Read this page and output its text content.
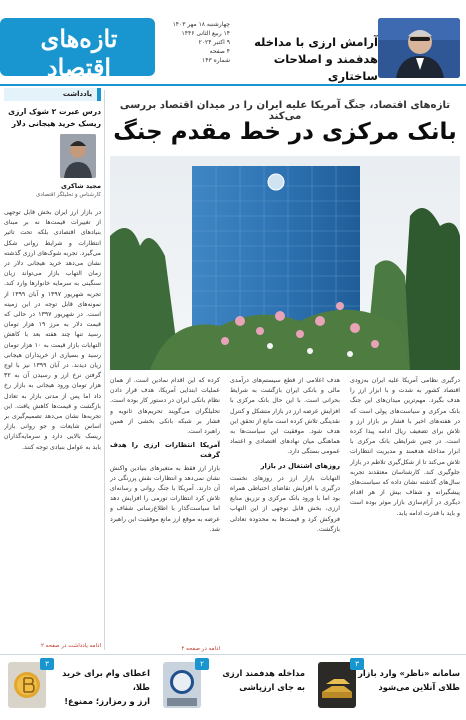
تازه‌های اقتصاد
چهارشنبه ۱۸ مهر ۱۴۰۳
۱۴ ربیع الثانی ۱۴۴۶
۹ اکتبر ۲۰۲۴
۴ صفحه
شماره ۱۴۳
آرامش ارزی با مداخله
هدفمند و اصلاحات ساختاری
یادداشت
درس عبرت ۲ شوک ارزی
ریسک خرید هیجانی دلار
مجید شاکری
کارشناس و تحلیلگر اقتصادی
در بازار ارز ایران بخش قابل توجهی از تغییرات قیمت‌ها نه بر مبنای بنیادهای اقتصادی بلکه تحت تاثیر انتظارات و شرایط روانی شکل می‌گیرد. تجربه شوک‌های ارزی گذشته نشان می‌دهد خرید هیجانی دلار در زمان التهاب بازار می‌تواند زیان سنگینی به سرمایه خانوارها وارد کند. تجربه شهریور ۱۳۹۷ و آبان ۱۳۹۹ از نمونه‌های قابل توجه در این زمینه است. در شهریور ۱۳۹۷ در حالی که قیمت دلار به مرز ۱۹ هزار تومان رسید تنها چند هفته بعد با کاهش التهابات بازار قیمت به ۱۰ هزار تومان رسید و بسیاری از خریداران هیجانی زیان دیدند. در آبان ۱۳۹۹ نیز با اوج گرفتن نرخ ارز و رسیدن آن به ۳۲ هزار تومان ورود هیجانی به بازار رخ داد اما پس از مدتی بازار به تعادل بازگشت و قیمت‌ها کاهش یافت. این تجربه‌ها نشان می‌دهد تصمیم‌گیری بر اساس شایعات و جو روانی بازار ریسک بالایی دارد و سرمایه‌گذاران باید به عوامل بنیادی توجه کنند.
ادامه یادداشت در صفحه ۲
تازه‌های اقتصاد، جنگ آمریکا علیه ایران را در میدان اقتصاد بررسی می‌کند
بانک مرکزی در خط مقدم جنگ
درگیری نظامی آمریکا علیه ایران به‌زودی اقتصاد کشور به شدت و با ابزار ارز را هدف بگیرد. مهم‌ترین میدان‌های این جنگ بانک مرکزی و سیاست‌های پولی است که در هفته‌های اخیر با فشار بر بازار ارز و تلاش برای تضعیف ریال ادامه پیدا کرده است. در چنین شرایطی بانک مرکزی با ابزار مداخله هدفمند و مدیریت انتظارات تلاش می‌کند تا از شکل‌گیری تلاطم در بازار جلوگیری کند. کارشناسان معتقدند تجربه سال‌های گذشته نشان داده که سیاست‌های پیشگیرانه و شفاف بیش از هر اقدام دیگری در آرام‌سازی بازار موثر بوده است و باید با قدرت ادامه یابد.
هدف اعلامی از قطع سیستم‌های درآمدی مالی و بانکی ایران بازگشت به شرایط بحرانی است. با این حال بانک مرکزی با افزایش عرضه ارز در بازار متشکل و کنترل نقدینگی تلاش کرده است مانع از تحقق این هدف شود. موفقیت این سیاست‌ها به هماهنگی میان نهادهای اقتصادی و اعتماد عمومی بستگی دارد.
روزهای اشتغال در بازار
التهابات بازار ارز در روزهای نخست درگیری با افزایش تقاضای احتیاطی همراه بود اما با ورود بانک مرکزی و تزریق منابع ارزی، بخش قابل توجهی از این التهاب فروکش کرد و قیمت‌ها به محدوده تعادلی بازگشت.
کرده که این اقدام نمادین است. از همان عملیات ابتدایی آمریکا، هدف قرار دادن نظام بانکی ایران در دستور کار بوده است. تحلیلگران می‌گویند تحریم‌های ثانویه و فشار بر شبکه بانکی بخشی از همین راهبرد است.
آمریکا انتظارات ارزی را هدف گرفت
بازار ارز فقط به متغیرهای بنیادین واکنش نشان نمی‌دهد و انتظارات نقش پررنگی در آن دارند. آمریکا با جنگ روانی و رسانه‌ای تلاش کرد انتظارات تورمی را افزایش دهد اما سیاست‌گذار با اطلاع‌رسانی شفاف و عرضه به موقع ارز مانع موفقیت این راهبرد شد.
ادامه در صفحه ۴
۳
سامانه «ناظر» وارد بازار
طلای آنلاین می‌شود
۲
مداخله هدفمند ارزی
به جای ارزپاشی
۳
اعطای وام برای خرید طلا،
ارز و رمزارز؛ ممنوع!
